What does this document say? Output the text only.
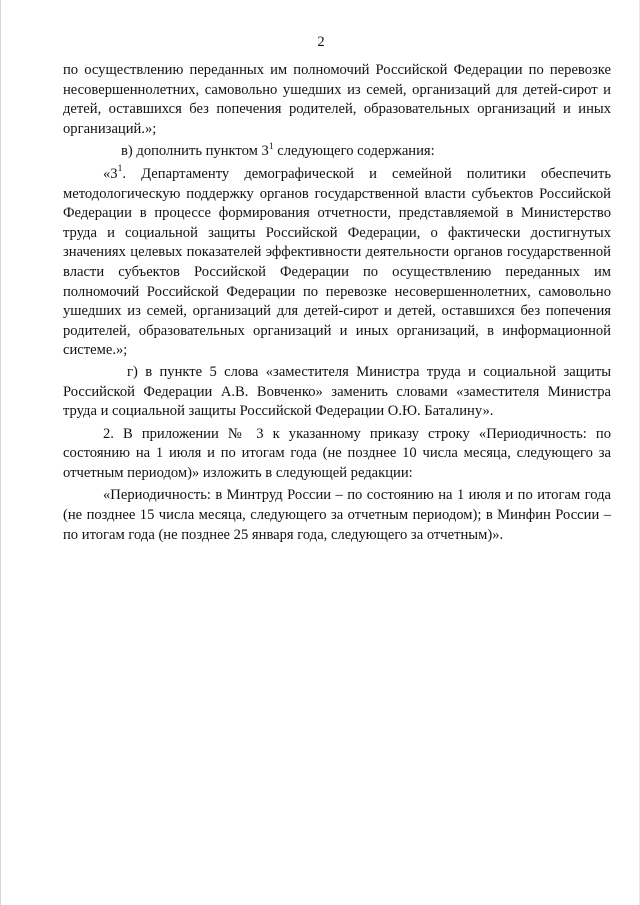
2

по осуществлению переданных им полномочий Российской Федерации по перевозке несовершеннолетних, самовольно ушедших из семей, организаций для детей-сирот и детей, оставшихся без попечения родителей, образовательных организаций и иных организаций.»;

в) дополнить пунктом $3^1$ следующего содержания:

«$3^1$. Департаменту демографической и семейной политики обеспечить методологическую поддержку органов государственной власти субъектов Российской Федерации в процессе формирования отчетности, представляемой в Министерство труда и социальной защиты Российской Федерации, о фактически достигнутых значениях целевых показателей эффективности деятельности органов государственной власти субъектов Российской Федерации по осуществлению переданных им полномочий Российской Федерации по перевозке несовершеннолетних, самовольно ушедших из семей, организаций для детей-сирот и детей, оставшихся без попечения родителей, образовательных организаций и иных организаций, в информационной системе.»;

г) в пункте 5 слова «заместителя Министра труда и социальной защиты Российской Федерации А.В. Вовченко» заменить словами «заместителя Министра труда и социальной защиты Российской Федерации О.Ю. Баталину».

2. В приложении № 3 к указанному приказу строку «Периодичность: по состоянию на 1 июля и по итогам года (не позднее 10 числа месяца, следующего за отчетным периодом)» изложить в следующей редакции:

«Периодичность: в Минтруд России – по состоянию на 1 июля и по итогам года (не позднее 15 числа месяца, следующего за отчетным периодом); в Минфин России – по итогам года (не позднее 25 января года, следующего за отчетным)».
